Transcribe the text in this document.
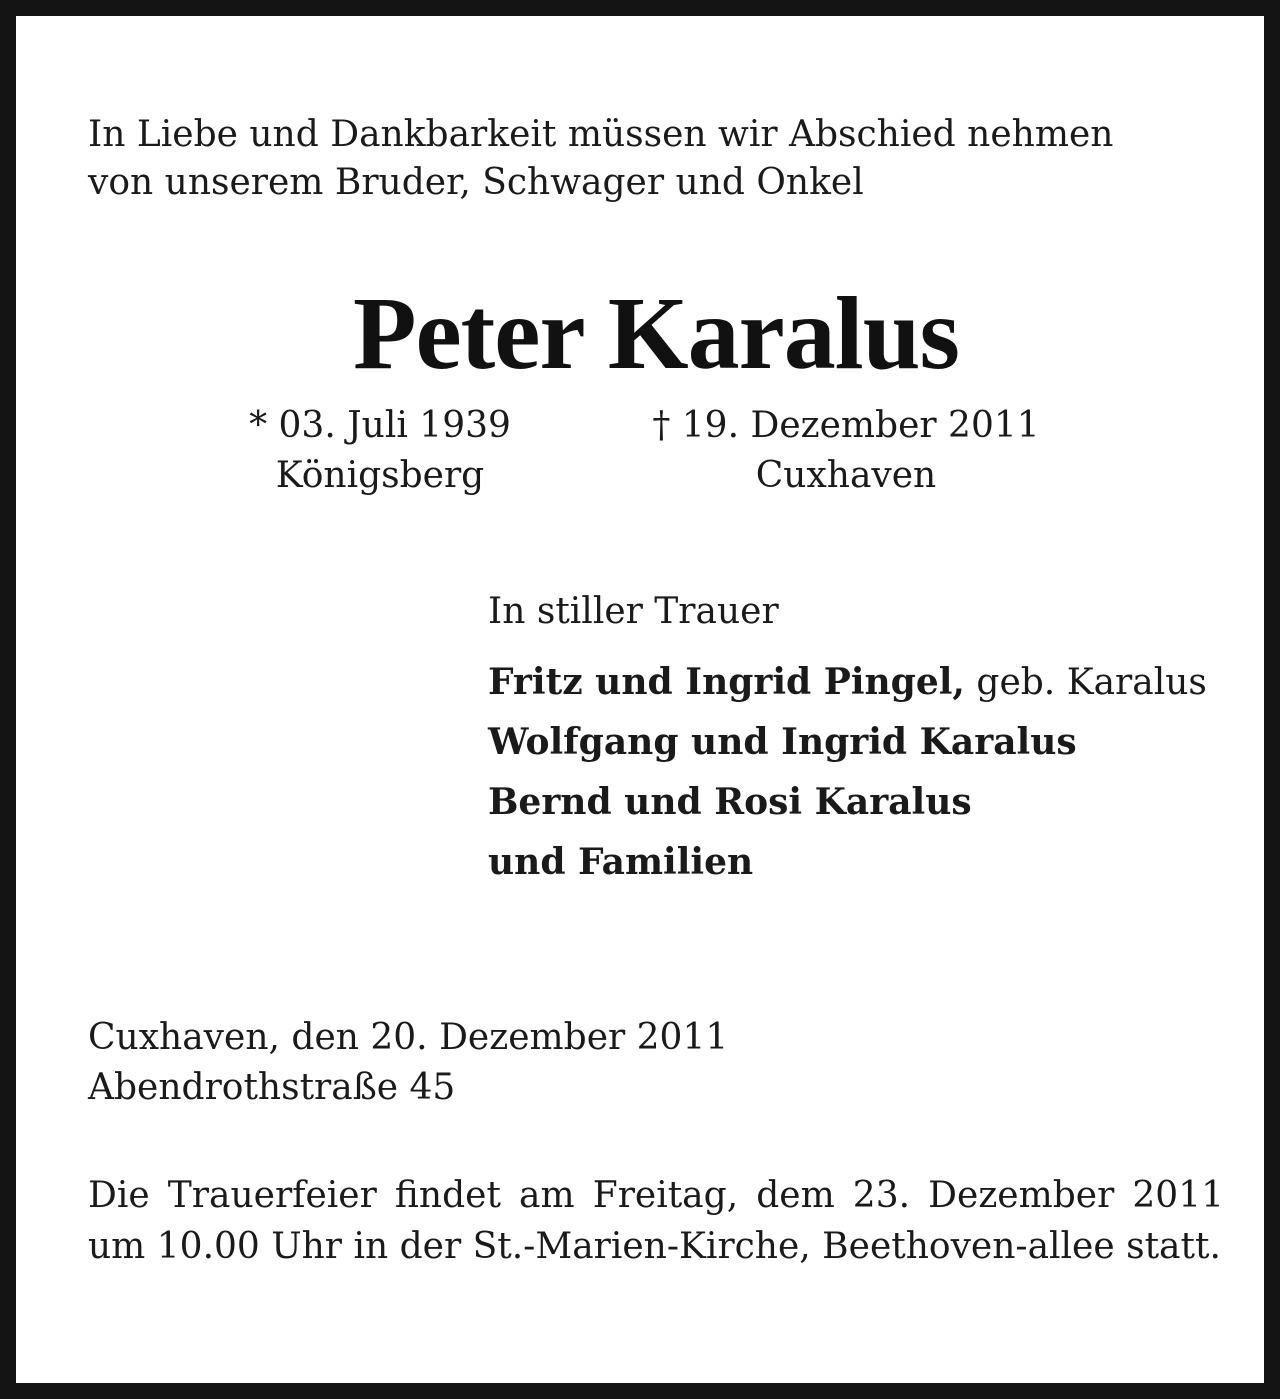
In Liebe und Dankbarkeit müssen wir Abschied nehmen
von unserem Bruder, Schwager und Onkel
Peter Karalus
* 03. Juli 1939
Königsberg
† 19. Dezember 2011
Cuxhaven
In stiller Trauer
Fritz und Ingrid Pingel, geb. Karalus
Wolfgang und Ingrid Karalus
Bernd und Rosi Karalus
und Familien
Cuxhaven, den 20. Dezember 2011
Abendrothstraße 45
Die Trauerfeier findet am Freitag, dem 23. Dezember 2011 um 10.00 Uhr in der St.-Marien-Kirche, Beethoven-allee statt.
